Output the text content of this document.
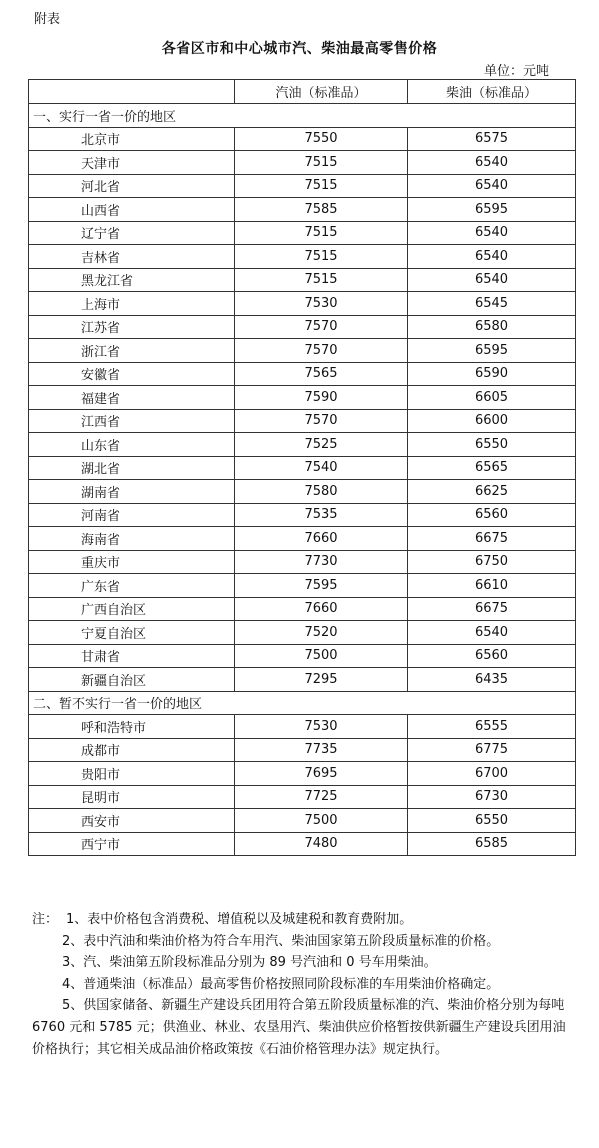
附表
各省区市和中心城市汽、柴油最高零售价格
单位：元吨
	汽油（标准品）	柴油（标准品）
一、实行一省一价的地区		
北京市	7550	6575
天津市	7515	6540
河北省	7515	6540
山西省	7585	6595
辽宁省	7515	6540
吉林省	7515	6540
黑龙江省	7515	6540
上海市	7530	6545
江苏省	7570	6580
浙江省	7570	6595
安徽省	7565	6590
福建省	7590	6605
江西省	7570	6600
山东省	7525	6550
湖北省	7540	6565
湖南省	7580	6625
河南省	7535	6560
海南省	7660	6675
重庆市	7730	6750
广东省	7595	6610
广西自治区	7660	6675
宁夏自治区	7520	6540
甘肃省	7500	6560
新疆自治区	7295	6435
二、暂不实行一省一价的地区		
呼和浩特市	7530	6555
成都市	7735	6775
贵阳市	7695	6700
昆明市	7725	6730
西安市	7500	6550
西宁市	7480	6585

注： 1、表中价格包含消费税、增值税以及城建税和教育费附加。

2、表中汽油和柴油价格为符合车用汽、柴油国家第五阶段质量标准的价格。

3、汽、柴油第五阶段标准品分别为 89 号汽油和 0 号车用柴油。

4、普通柴油（标准品）最高零售价格按照同阶段标准的车用柴油价格确定。

5、供国家储备、新疆生产建设兵团用符合第五阶段质量标准的汽、柴油价格分别为每吨 6760 元和 5785 元；供渔业、林业、农垦用汽、柴油供应价格暂按供新疆生产建设兵团用油价格执行；其它相关成品油价格政策按《石油价格管理办法》规定执行。
